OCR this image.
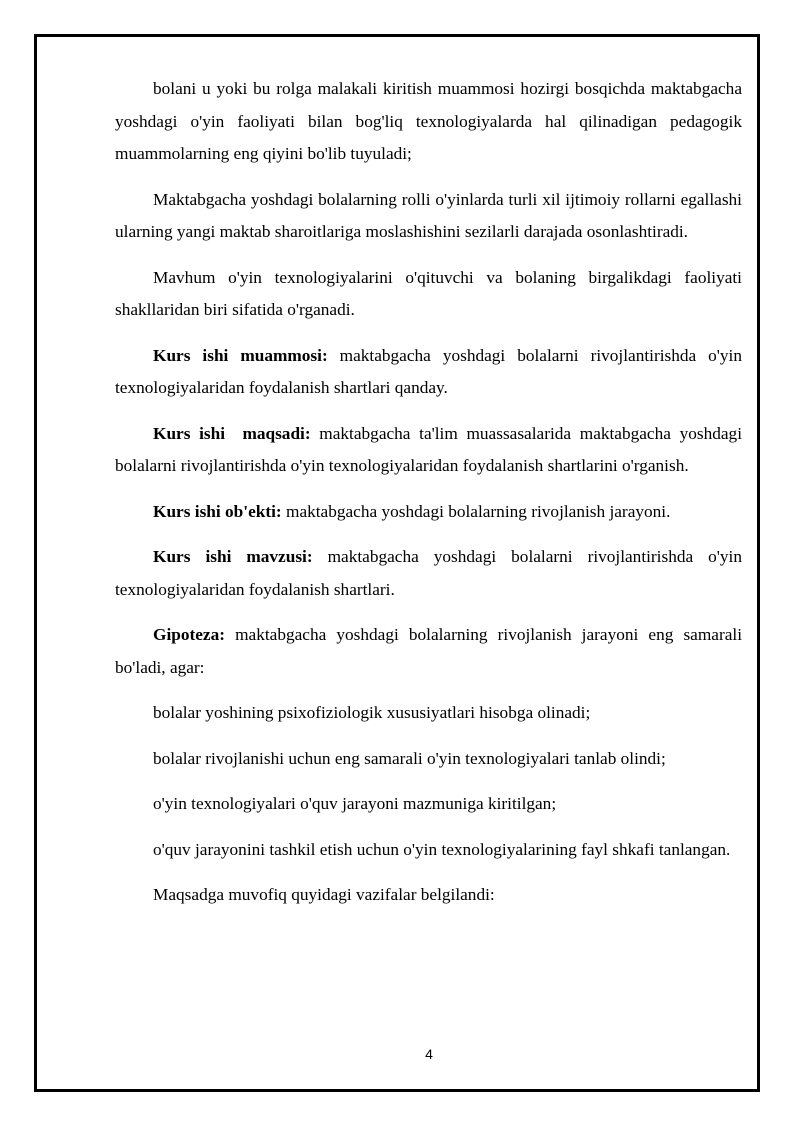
bolani u yoki bu rolga malakali kiritish muammosi hozirgi bosqichda maktabgacha yoshdagi o'yin faoliyati bilan bog'liq texnologiyalarda hal qilinadigan pedagogik muammolarning eng qiyini bo'lib tuyuladi;

Maktabgacha yoshdagi bolalarning rolli o'yinlarda turli xil ijtimoiy rollarni egallashi ularning yangi maktab sharoitlariga moslashishini sezilarli darajada osonlashtiradi.

Mavhum o'yin texnologiyalarini o'qituvchi va bolaning birgalikdagi faoliyati shakllaridan biri sifatida o'rganadi.

Kurs ishi muammosi: maktabgacha yoshdagi bolalarni rivojlantirishda o'yin texnologiyalaridan foydalanish shartlari qanday.

Kurs ishi  maqsadi: maktabgacha ta'lim muassasalarida maktabgacha yoshdagi bolalarni rivojlantirishda o'yin texnologiyalaridan foydalanish shartlarini o'rganish.

Kurs ishi ob'ekti: maktabgacha yoshdagi bolalarning rivojlanish jarayoni.

Kurs ishi mavzusi: maktabgacha yoshdagi bolalarni rivojlantirishda o'yin texnologiyalaridan foydalanish shartlari.

Gipoteza: maktabgacha yoshdagi bolalarning rivojlanish jarayoni eng samarali bo'ladi, agar:

bolalar yoshining psixofiziologik xususiyatlari hisobga olinadi;

bolalar rivojlanishi uchun eng samarali o'yin texnologiyalari tanlab olindi;

o'yin texnologiyalari o'quv jarayoni mazmuniga kiritilgan;

o'quv jarayonini tashkil etish uchun o'yin texnologiyalarining fayl shkafi tanlangan.

Maqsadga muvofiq quyidagi vazifalar belgilandi:

4
